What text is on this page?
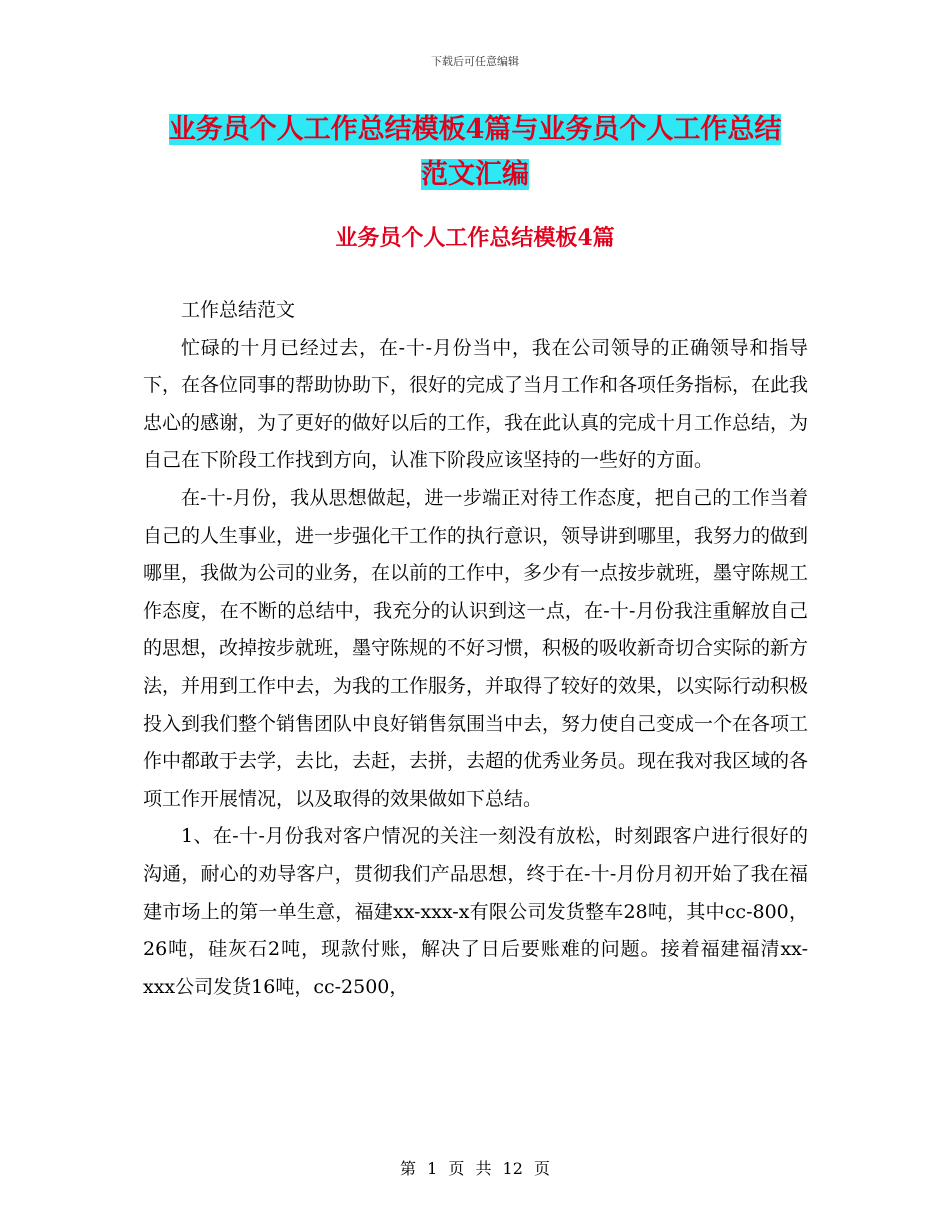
下载后可任意编辑
业务员个人工作总结模板4篇与业务员个人工作总结
范文汇编
业务员个人工作总结模板4篇

工作总结范文

忙碌的十月已经过去，在-十-月份当中，我在公司领导的正确领导和指导下，在各位同事的帮助协助下，很好的完成了当月工作和各项任务指标，在此我忠心的感谢，为了更好的做好以后的工作，我在此认真的完成十月工作总结，为自己在下阶段工作找到方向，认准下阶段应该坚持的一些好的方面。

在-十-月份，我从思想做起，进一步端正对待工作态度，把自己的工作当着自己的人生事业，进一步强化干工作的执行意识，领导讲到哪里，我努力的做到哪里，我做为公司的业务，在以前的工作中，多少有一点按步就班，墨守陈规工作态度，在不断的总结中，我充分的认识到这一点，在-十-月份我注重解放自己的思想，改掉按步就班，墨守陈规的不好习惯，积极的吸收新奇切合实际的新方法，并用到工作中去，为我的工作服务，并取得了较好的效果，以实际行动积极投入到我们整个销售团队中良好销售氛围当中去，努力使自己变成一个在各项工作中都敢于去学，去比，去赶，去拼，去超的优秀业务员。现在我对我区域的各项工作开展情况，以及取得的效果做如下总结。

1、在-十-月份我对客户情况的关注一刻没有放松，时刻跟客户进行很好的沟通，耐心的劝导客户，贯彻我们产品思想，终于在-十-月份月初开始了我在福建市场上的第一单生意，福建xx-xxx-x有限公司发货整车28吨，其中cc-800，26吨，硅灰石2吨，现款付账，解决了日后要账难的问题。接着福建福清xx-xxx公司发货16吨，cc-2500，

第 1 页 共 12 页
